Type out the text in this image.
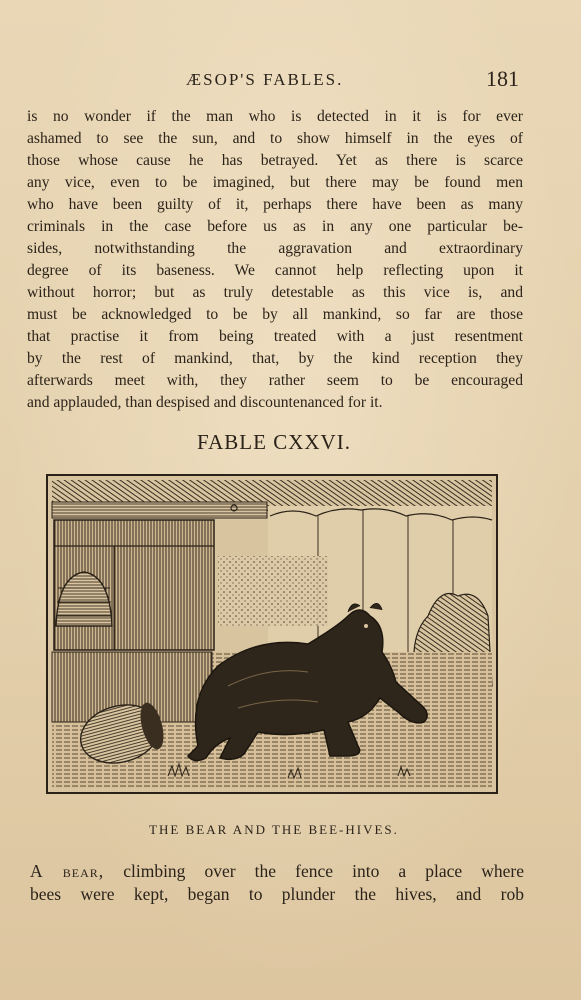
ÆSOP'S FABLES.	181
is no wonder if the man who is detected in it is for ever
ashamed to see the sun, and to show himself in the eyes of
those whose cause he has betrayed. Yet as there is scarce
any vice, even to be imagined, but there may be found men
who have been guilty of it, perhaps there have been as many
criminals in the case before us as in any one particular be-
sides, notwithstanding the aggravation and extraordinary
degree of its baseness. We cannot help reflecting upon it
without horror; but as truly detestable as this vice is, and
must be acknowledged to be by all mankind, so far are those
that practise it from being treated with a just resentment
by the rest of mankind, that, by the kind reception they
afterwards meet with, they rather seem to be encouraged
and applauded, than despised and discountenanced for it.
FABLE CXXVI.
THE BEAR AND THE BEE-HIVES.
A bear, climbing over the fence into a place where
bees were kept, began to plunder the hives, and rob
